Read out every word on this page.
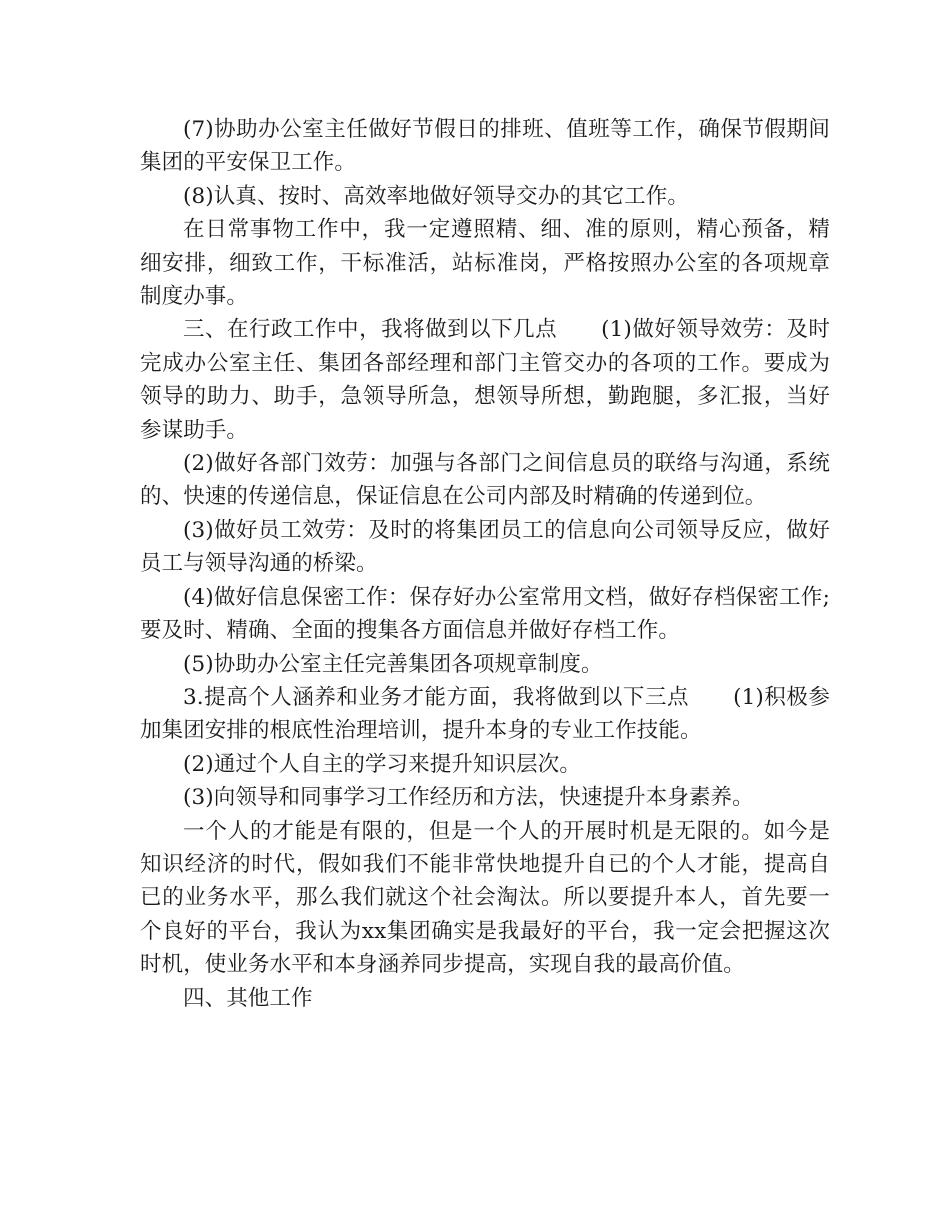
(7)协助办公室主任做好节假日的排班、值班等工作，确保节假期间集团的平安保卫工作。

(8)认真、按时、高效率地做好领导交办的其它工作。

在日常事物工作中，我一定遵照精、细、准的原则，精心预备，精细安排，细致工作，干标准活，站标准岗，严格按照办公室的各项规章制度办事。

三、在行政工作中，我将做到以下几点　　(1)做好领导效劳：及时完成办公室主任、集团各部经理和部门主管交办的各项的工作。要成为领导的助力、助手，急领导所急，想领导所想，勤跑腿，多汇报，当好参谋助手。

(2)做好各部门效劳：加强与各部门之间信息员的联络与沟通，系统的、快速的传递信息，保证信息在公司内部及时精确的传递到位。

(3)做好员工效劳：及时的将集团员工的信息向公司领导反应，做好员工与领导沟通的桥梁。

(4)做好信息保密工作：保存好办公室常用文档，做好存档保密工作;要及时、精确、全面的搜集各方面信息并做好存档工作。

(5)协助办公室主任完善集团各项规章制度。

3.提高个人涵养和业务才能方面，我将做到以下三点　　(1)积极参加集团安排的根底性治理培训，提升本身的专业工作技能。

(2)通过个人自主的学习来提升知识层次。

(3)向领导和同事学习工作经历和方法，快速提升本身素养。

一个人的才能是有限的，但是一个人的开展时机是无限的。如今是知识经济的时代，假如我们不能非常快地提升自已的个人才能，提高自已的业务水平，那么我们就这个社会淘汰。所以要提升本人，首先要一个良好的平台，我认为xx集团确实是我最好的平台，我一定会把握这次时机，使业务水平和本身涵养同步提高，实现自我的最高价值。

四、其他工作
